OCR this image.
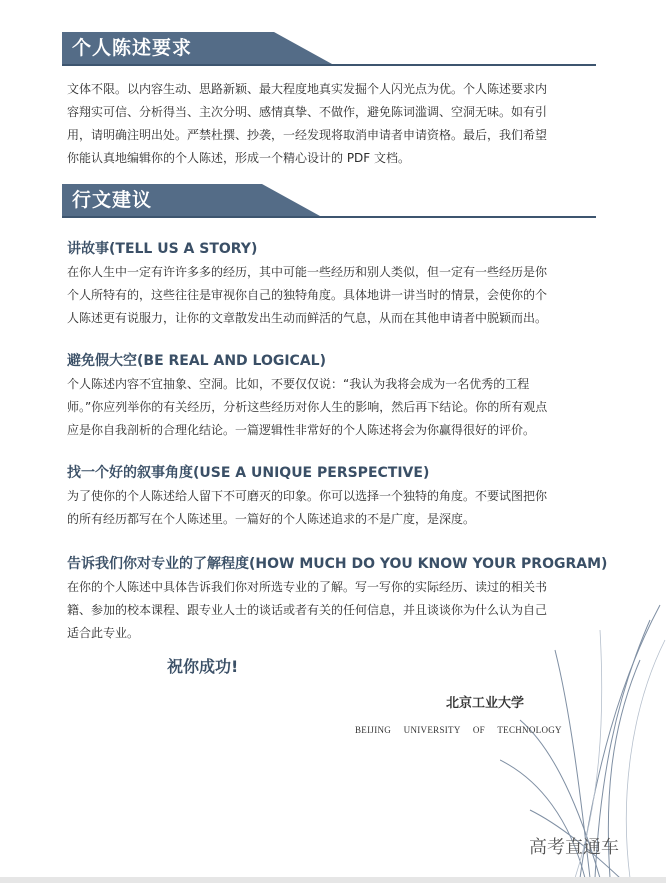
个人陈述要求
文体不限。以内容生动、思路新颖、最大程度地真实发掘个人闪光点为优。个人陈述要求内
容翔实可信、分析得当、主次分明、感情真挚、不做作，避免陈词滥调、空洞无味。如有引
用，请明确注明出处。严禁杜撰、抄袭，一经发现将取消申请者申请资格。最后，我们希望
你能认真地编辑你的个人陈述，形成一个精心设计的 PDF 文档。
行文建议
讲故事(TELL US A STORY)
在你人生中一定有许许多多的经历，其中可能一些经历和别人类似，但一定有一些经历是你
个人所特有的，这些往往是审视你自己的独特角度。具体地讲一讲当时的情景，会使你的个
人陈述更有说服力，让你的文章散发出生动而鲜活的气息，从而在其他申请者中脱颖而出。
避免假大空(BE REAL AND LOGICAL)
个人陈述内容不宜抽象、空洞。比如，不要仅仅说：“我认为我将会成为一名优秀的工程
师。”你应列举你的有关经历，分析这些经历对你人生的影响，然后再下结论。你的所有观点
应是你自我剖析的合理化结论。一篇逻辑性非常好的个人陈述将会为你赢得很好的评价。
找一个好的叙事角度(USE A UNIQUE PERSPECTIVE)
为了使你的个人陈述给人留下不可磨灭的印象。你可以选择一个独特的角度。不要试图把你
的所有经历都写在个人陈述里。一篇好的个人陈述追求的不是广度，是深度。
告诉我们你对专业的了解程度(HOW MUCH DO YOU KNOW YOUR PROGRAM)
在你的个人陈述中具体告诉我们你对所选专业的了解。写一写你的实际经历、读过的相关书
籍、参加的校本课程、跟专业人士的谈话或者有关的任何信息，并且谈谈你为什么认为自己
适合此专业。
祝你成功!
北京工业大学
BEIJING UNIVERSITY OF TECHNOLOGY
高考直通车
